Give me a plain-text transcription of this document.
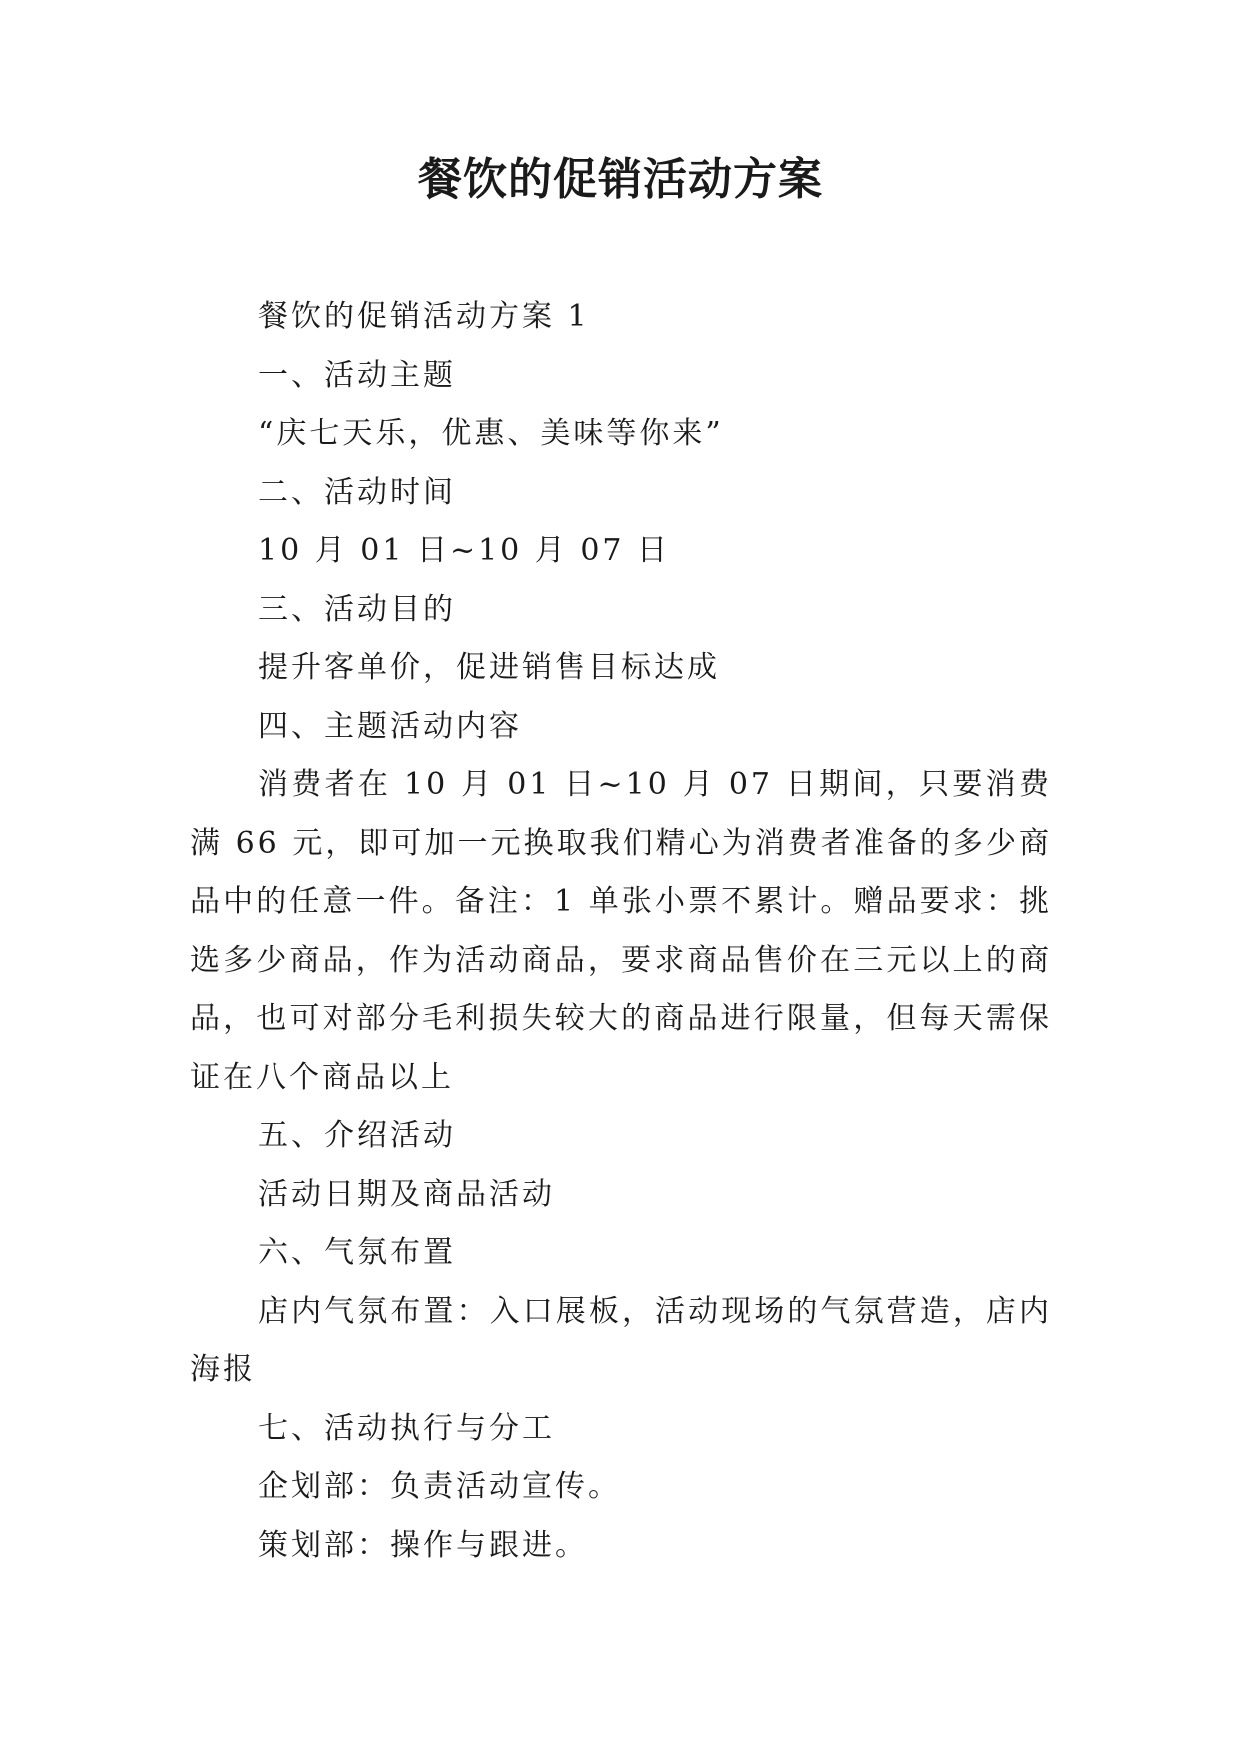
餐饮的促销活动方案

餐饮的促销活动方案 1

一、活动主题

“庆七天乐，优惠、美味等你来”

二、活动时间

10 月 01 日~10 月 07 日

三、活动目的

提升客单价，促进销售目标达成

四、主题活动内容

消费者在 10 月 01 日~10 月 07 日期间，只要消费满 66 元，即可加一元换取我们精心为消费者准备的多少商品中的任意一件。备注：1 单张小票不累计。赠品要求：挑选多少商品，作为活动商品，要求商品售价在三元以上的商品，也可对部分毛利损失较大的商品进行限量，但每天需保证在八个商品以上

五、介绍活动

活动日期及商品活动

六、气氛布置

店内气氛布置：入口展板，活动现场的气氛营造，店内海报

七、活动执行与分工

企划部：负责活动宣传。

策划部：操作与跟进。
